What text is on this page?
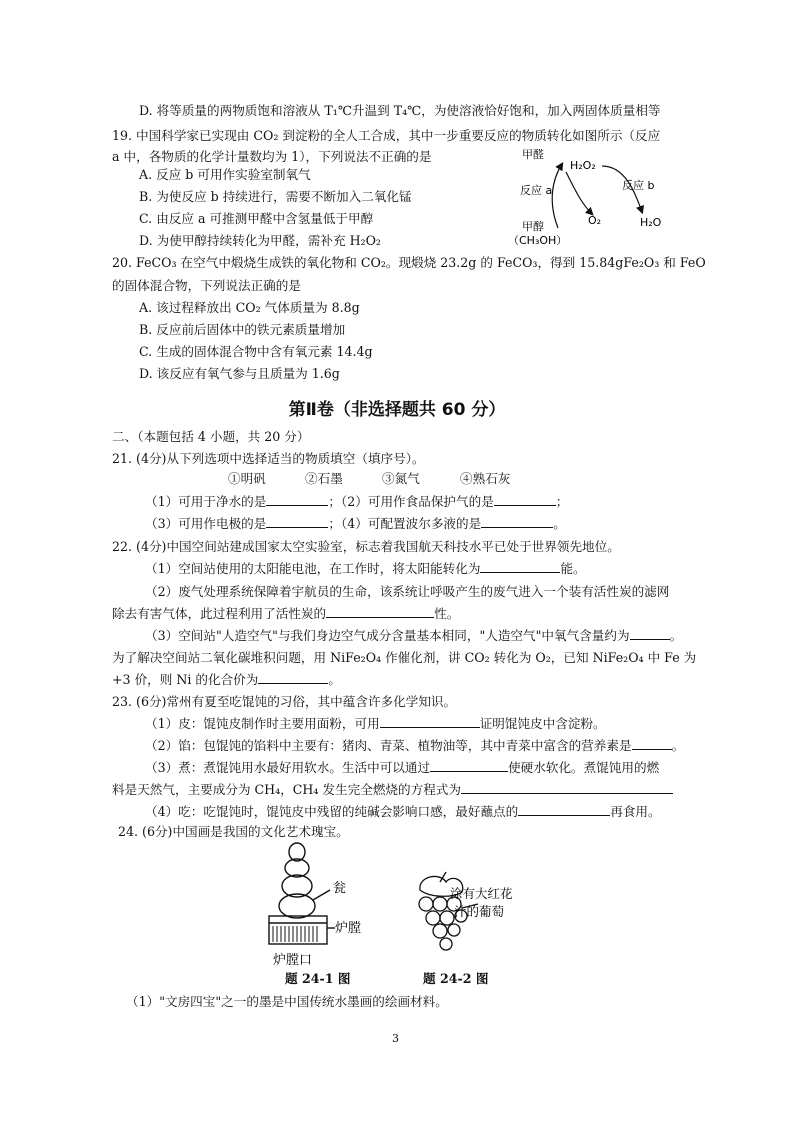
D. 将等质量的两物质饱和溶液从 T₁℃升温到 T₄℃，为使溶液恰好饱和，加入两固体质量相等
19. 中国科学家已实现由 CO₂ 到淀粉的全人工合成，其中一步重要反应的物质转化如图所示（反应
a 中，各物质的化学计量数均为 1），下列说法不正确的是
A. 反应 b 可用作实验室制氧气
B. 为使反应 b 持续进行，需要不断加入二氧化锰
C. 由反应 a 可推测甲醛中含氢量低于甲醇
D. 为使甲醇持续转化为甲醛，需补充 H₂O₂
甲醛
H₂O₂
反应 a	反应 b
甲醇
（CH₃OH）
O₂	H₂O
20. FeCO₃ 在空气中煅烧生成铁的氧化物和 CO₂。现煅烧 23.2g 的 FeCO₃，得到 15.84gFe₂O₃ 和 FeO
的固体混合物，下列说法正确的是
A. 该过程释放出 CO₂ 气体质量为 8.8g
B. 反应前后固体中的铁元素质量增加
C. 生成的固体混合物中含有氧元素 14.4g
D. 该反应有氧气参与且质量为 1.6g
第Ⅱ卷（非选择题共 60 分）
二、（本题包括 4 小题，共 20 分）
21. (4分)从下列选项中选择适当的物质填空（填序号）。
①明矾	②石墨	③氮气	④熟石灰
（1）可用于净水的是	；（2）可用作食品保护气的是	；
（3）可用作电极的是	；（4）可配置波尔多液的是	。
22. (4分)中国空间站建成国家太空实验室，标志着我国航天科技水平已处于世界领先地位。
（1）空间站使用的太阳能电池，在工作时，将太阳能转化为	能。
（2）废气处理系统保障着宇航员的生命，该系统让呼吸产生的废气进入一个装有活性炭的滤网
除去有害气体，此过程利用了活性炭的	性。
（3）空间站"人造空气"与我们身边空气成分含量基本相同，"人造空气"中氧气含量约为	。
为了解决空间站二氧化碳堆积问题，用 NiFe₂O₄ 作催化剂，讲 CO₂ 转化为 O₂，已知 NiFe₂O₄ 中 Fe 为
+3 价，则 Ni 的化合价为	。
23. (6分)常州有夏至吃馄饨的习俗，其中蕴含许多化学知识。
（1）皮：馄饨皮制作时主要用面粉，可用	证明馄饨皮中含淀粉。
（2）馅：包馄饨的馅料中主要有：猪肉、青菜、植物油等，其中青菜中富含的营养素是	。
（3）煮：煮馄饨用水最好用软水。生活中可以通过	使硬水软化。煮馄饨用的燃
料是天然气，主要成分为 CH₄，CH₄ 发生完全燃烧的方程式为
（4）吃：吃馄饨时，馄饨皮中残留的纯碱会影响口感，最好蘸点的	再食用。
24. (6分)中国画是我国的文化艺术瑰宝。
瓮
炉膛
炉膛口
涂有大红花
汁的葡萄
题 24-1 图	题 24-2 图
（1）"文房四宝"之一的墨是中国传统水墨画的绘画材料。
3
